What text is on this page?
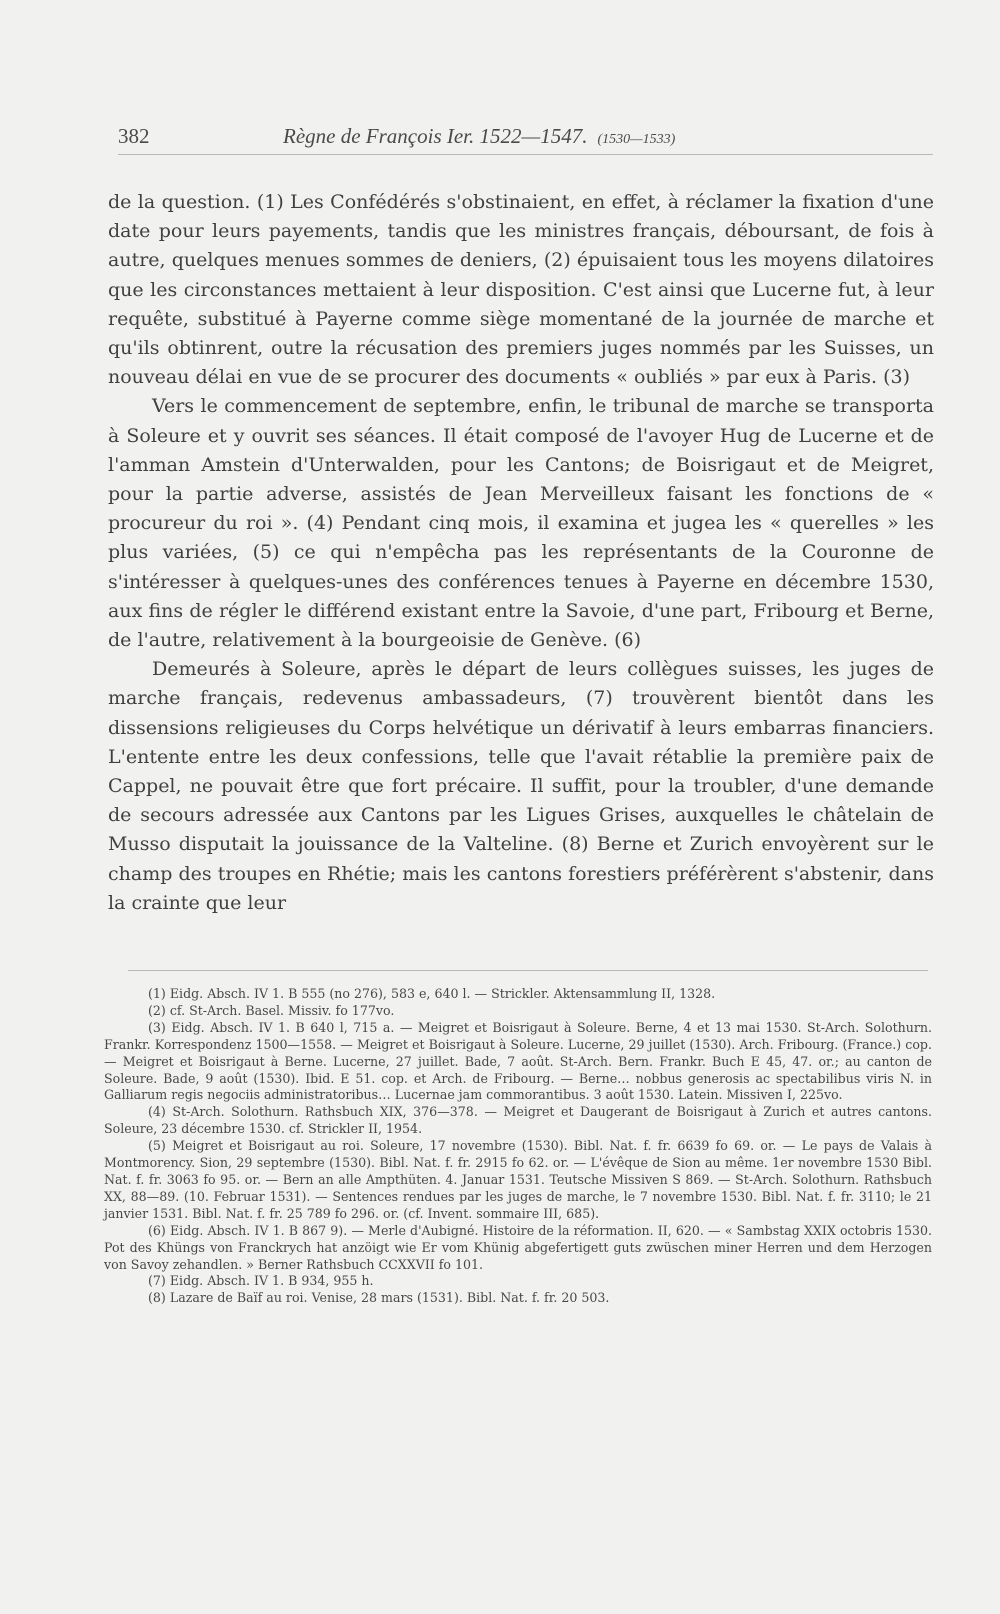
382	Règne de François Ier. 1522—1547. (1530—1533)

de la question. (1) Les Confédérés s'obstinaient, en effet, à réclamer la fixation d'une date pour leurs payements, tandis que les ministres français, déboursant, de fois à autre, quelques menues sommes de deniers, (2) épuisaient tous les moyens dilatoires que les circonstances mettaient à leur disposition. C'est ainsi que Lucerne fut, à leur requête, substitué à Payerne comme siège momentané de la journée de marche et qu'ils obtinrent, outre la récusation des premiers juges nommés par les Suisses, un nouveau délai en vue de se procurer des documents « oubliés » par eux à Paris. (3)

Vers le commencement de septembre, enfin, le tribunal de marche se transporta à Soleure et y ouvrit ses séances. Il était composé de l'avoyer Hug de Lucerne et de l'amman Amstein d'Unterwalden, pour les Cantons; de Boisrigaut et de Meigret, pour la partie adverse, assistés de Jean Merveilleux faisant les fonctions de « procureur du roi ». (4) Pendant cinq mois, il examina et jugea les « querelles » les plus variées, (5) ce qui n'empêcha pas les représentants de la Couronne de s'intéresser à quelques-unes des conférences tenues à Payerne en décembre 1530, aux fins de régler le différend existant entre la Savoie, d'une part, Fribourg et Berne, de l'autre, relativement à la bourgeoisie de Genève. (6)

Demeurés à Soleure, après le départ de leurs collègues suisses, les juges de marche français, redevenus ambassadeurs, (7) trouvèrent bientôt dans les dissensions religieuses du Corps helvétique un dérivatif à leurs embarras financiers. L'entente entre les deux confessions, telle que l'avait rétablie la première paix de Cappel, ne pouvait être que fort précaire. Il suffit, pour la troubler, d'une demande de secours adressée aux Cantons par les Ligues Grises, auxquelles le châtelain de Musso disputait la jouissance de la Valteline. (8) Berne et Zurich envoyèrent sur le champ des troupes en Rhétie; mais les cantons forestiers préférèrent s'abstenir, dans la crainte que leur

(1) Eidg. Absch. IV 1. B 555 (no 276), 583 e, 640 l. — Strickler. Aktensammlung II, 1328.

(2) cf. St-Arch. Basel. Missiv. fo 177vo.

(3) Eidg. Absch. IV 1. B 640 l, 715 a. — Meigret et Boisrigaut à Soleure. Berne, 4 et 13 mai 1530. St-Arch. Solothurn. Frankr. Korrespondenz 1500—1558. — Meigret et Boisrigaut à Soleure. Lucerne, 29 juillet (1530). Arch. Fribourg. (France.) cop. — Meigret et Boisrigaut à Berne. Lucerne, 27 juillet. Bade, 7 août. St-Arch. Bern. Frankr. Buch E 45, 47. or.; au canton de Soleure. Bade, 9 août (1530). Ibid. E 51. cop. et Arch. de Fribourg. — Berne… nobbus generosis ac spectabilibus viris N. in Galliarum regis negociis administratoribus… Lucernae jam commorantibus. 3 août 1530. Latein. Missiven I, 225vo.

(4) St-Arch. Solothurn. Rathsbuch XIX, 376—378. — Meigret et Daugerant de Boisrigaut à Zurich et autres cantons. Soleure, 23 décembre 1530. cf. Strickler II, 1954.

(5) Meigret et Boisrigaut au roi. Soleure, 17 novembre (1530). Bibl. Nat. f. fr. 6639 fo 69. or. — Le pays de Valais à Montmorency. Sion, 29 septembre (1530). Bibl. Nat. f. fr. 2915 fo 62. or. — L'évêque de Sion au même. 1er novembre 1530 Bibl. Nat. f. fr. 3063 fo 95. or. — Bern an alle Ampthüten. 4. Januar 1531. Teutsche Missiven S 869. — St-Arch. Solothurn. Rathsbuch XX, 88—89. (10. Februar 1531). — Sentences rendues par les juges de marche, le 7 novembre 1530. Bibl. Nat. f. fr. 3110; le 21 janvier 1531. Bibl. Nat. f. fr. 25 789 fo 296. or. (cf. Invent. sommaire III, 685).

(6) Eidg. Absch. IV 1. B 867 9). — Merle d'Aubigné. Histoire de la réformation. II, 620. — « Sambstag XXIX octobris 1530. Pot des Khüngs von Franckrych hat anzöigt wie Er vom Khünig abgefertigett guts zwüschen miner Herren und dem Herzogen von Savoy zehandlen. » Berner Rathsbuch CCXXVII fo 101.

(7) Eidg. Absch. IV 1. B 934, 955 h.

(8) Lazare de Baïf au roi. Venise, 28 mars (1531). Bibl. Nat. f. fr. 20 503.
